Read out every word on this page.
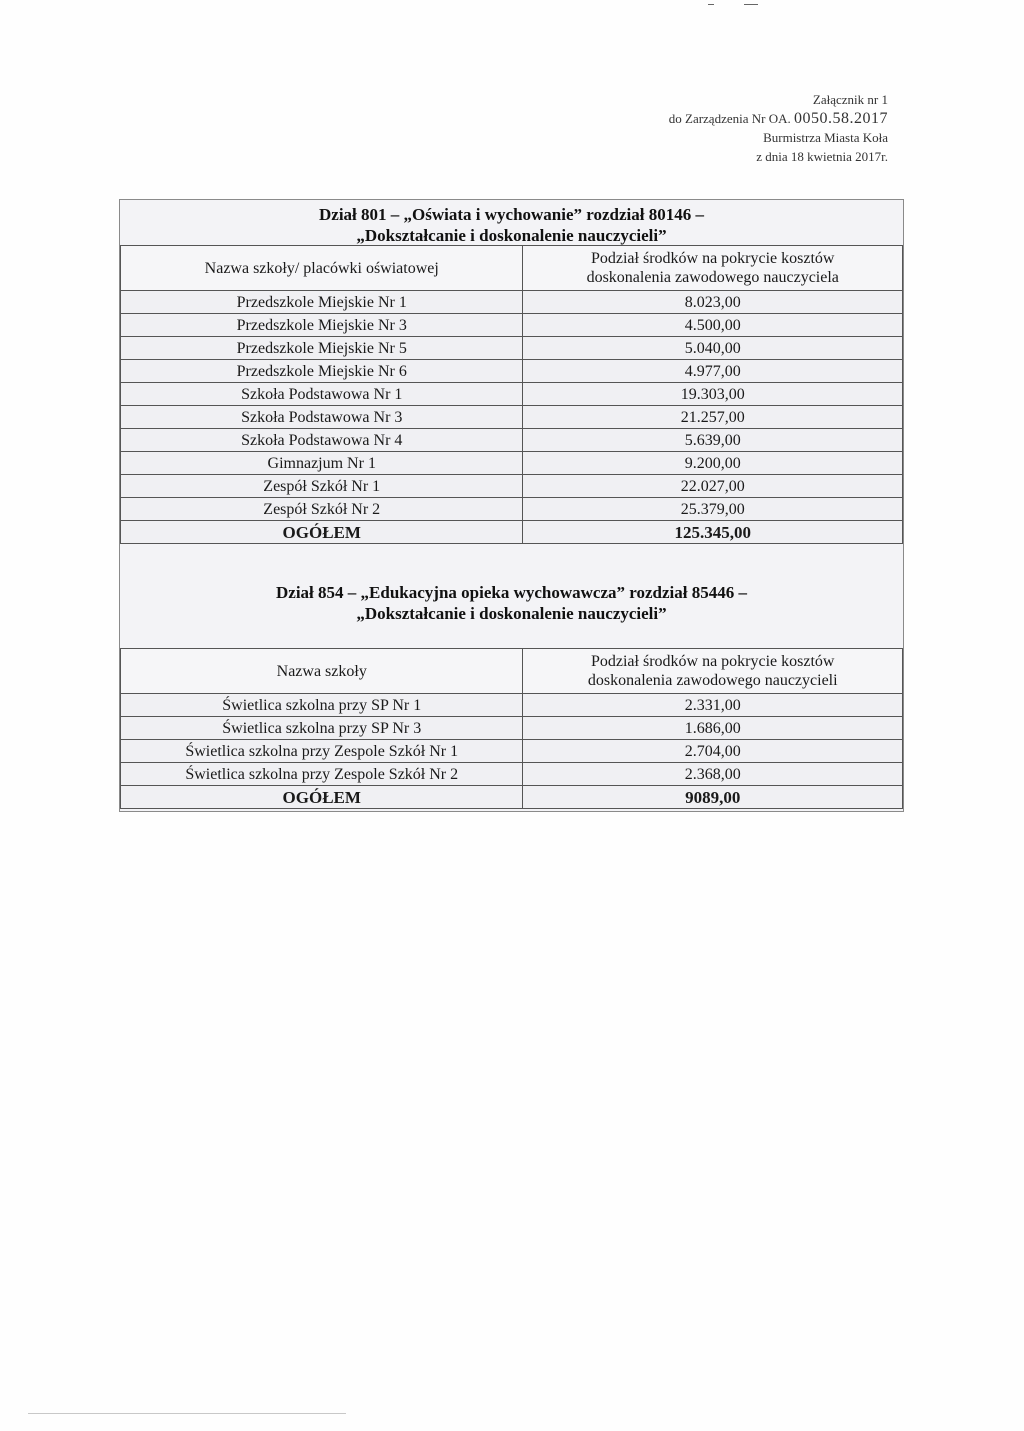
Załącznik nr 1
do Zarządzenia Nr OA. 0050.58.2017
Burmistrza Miasta Koła
z dnia 18 kwietnia 2017r.
Dział 801 – „Oświata i wychowanie” rozdział 80146 –
„Dokształcanie i doskonalenie nauczycieli”
Nazwa szkoły/ placówki oświatowej	Podział środków na pokrycie kosztów
doskonalenia zawodowego nauczyciela

Przedszkole Miejskie Nr 1	8.023,00
Przedszkole Miejskie Nr 3	4.500,00
Przedszkole Miejskie Nr 5	5.040,00
Przedszkole Miejskie Nr 6	4.977,00
Szkoła Podstawowa Nr 1	19.303,00
Szkoła Podstawowa Nr 3	21.257,00
Szkoła Podstawowa Nr 4	5.639,00
Gimnazjum Nr 1	9.200,00
Zespół Szkół Nr 1	22.027,00
Zespół Szkół Nr 2	25.379,00
OGÓŁEM	125.345,00
Dział 854 – „Edukacyjna opieka wychowawcza” rozdział 85446 –
„Dokształcanie i doskonalenie nauczycieli”
Nazwa szkoły	Podział środków na pokrycie kosztów
doskonalenia zawodowego nauczycieli

Świetlica szkolna przy SP Nr 1	2.331,00
Świetlica szkolna przy SP Nr 3	1.686,00
Świetlica szkolna przy Zespole Szkół Nr 1	2.704,00
Świetlica szkolna przy Zespole Szkół Nr 2	2.368,00
OGÓŁEM	9089,00
